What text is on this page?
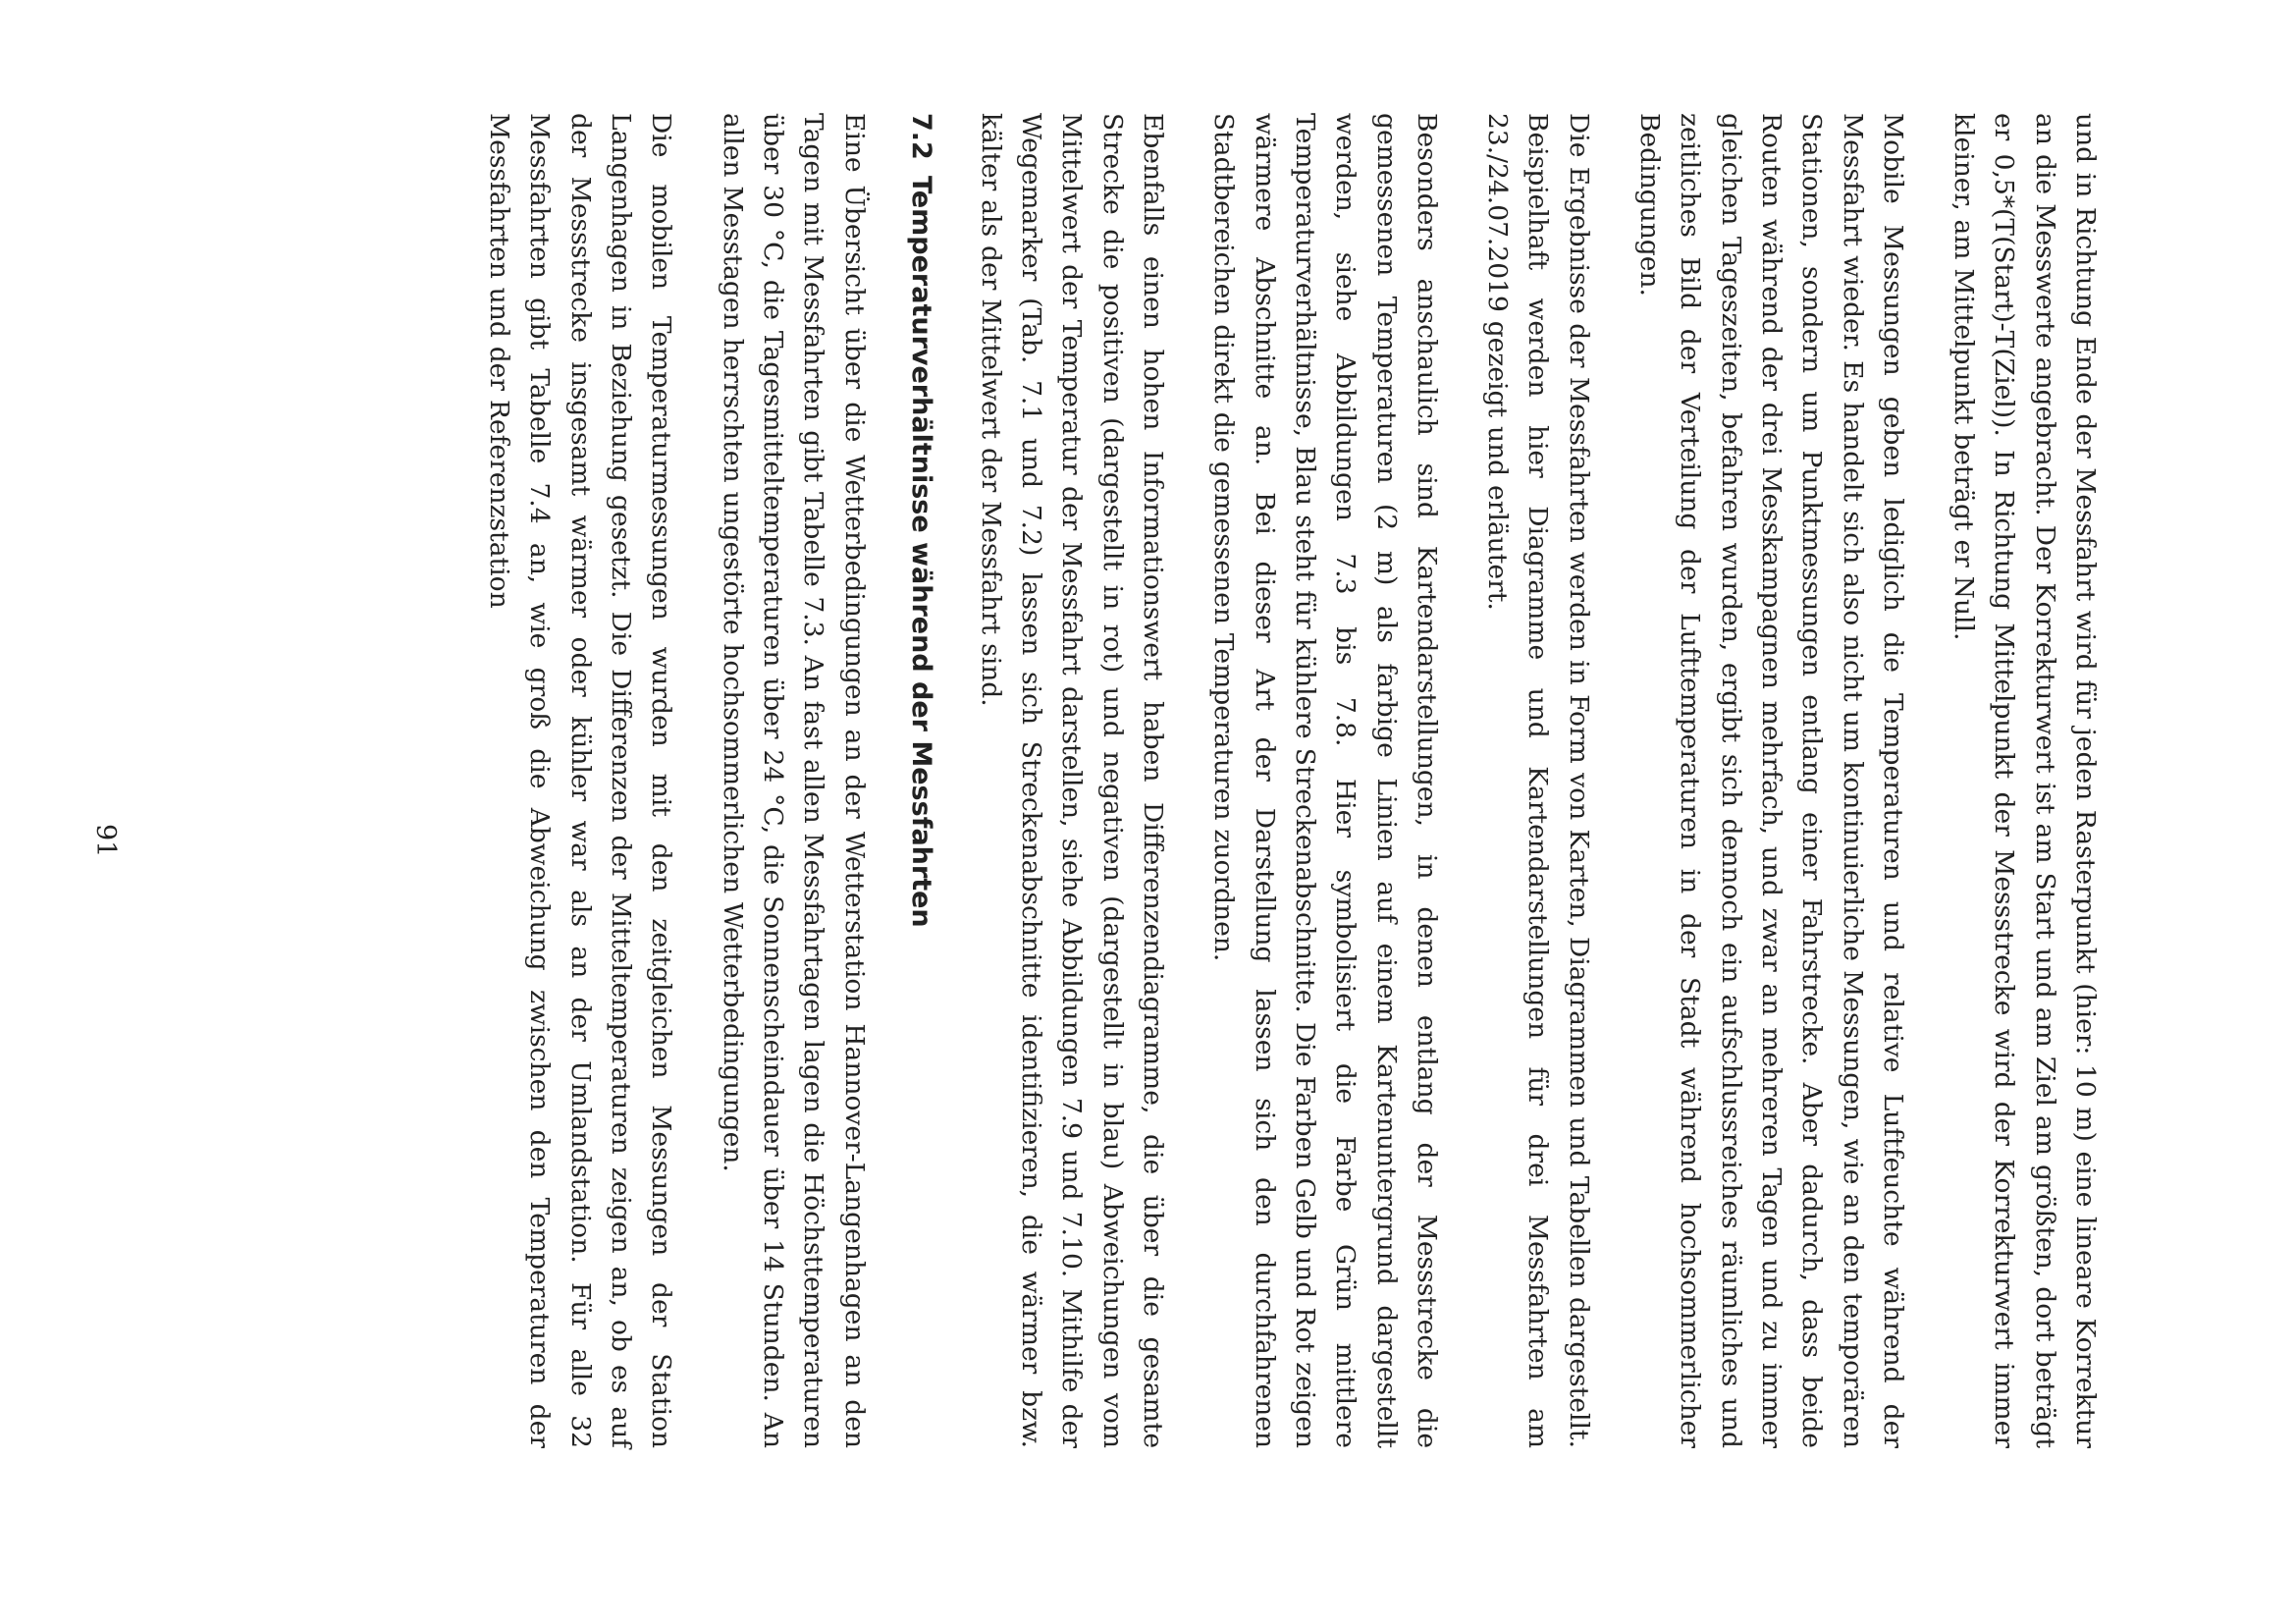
und in Richtung Ende der Messfahrt wird für jeden Rasterpunkt (hier: 10 m) eine lineare Korrektur an die Messwerte angebracht. Der Korrekturwert ist am Start und am Ziel am größten, dort beträgt er 0,5*(T(Start)-T(Ziel)). In Richtung Mittelpunkt der Messstrecke wird der Korrekturwert immer kleiner, am Mittelpunkt beträgt er Null.

Mobile Messungen geben lediglich die Temperaturen und relative Luftfeuchte während der Messfahrt wieder. Es handelt sich also nicht um kontinuierliche Messungen, wie an den temporären Stationen, sondern um Punktmessungen entlang einer Fahrstrecke. Aber dadurch, dass beide Routen während der drei Messkampagnen mehrfach, und zwar an mehreren Tagen und zu immer gleichen Tageszeiten, befahren wurden, ergibt sich dennoch ein aufschlussreiches räumliches und zeitliches Bild der Verteilung der Lufttemperaturen in der Stadt während hochsommerlicher Bedingungen.

Die Ergebnisse der Messfahrten werden in Form von Karten, Diagrammen und Tabellen dargestellt. Beispielhaft werden hier Diagramme und Kartendarstellungen für drei Messfahrten am 23./24.07.2019 gezeigt und erläutert.

Besonders anschaulich sind Kartendarstellungen, in denen entlang der Messstrecke die gemessenen Temperaturen (2 m) als farbige Linien auf einem Kartenuntergrund dargestellt werden, siehe Abbildungen 7.3 bis 7.8. Hier symbolisiert die Farbe Grün mittlere Temperaturverhältnisse, Blau steht für kühlere Streckenabschnitte. Die Farben Gelb und Rot zeigen wärmere Abschnitte an. Bei dieser Art der Darstellung lassen sich den durchfahrenen Stadtbereichen direkt die gemessenen Temperaturen zuordnen.

Ebenfalls einen hohen Informationswert haben Differenzendiagramme, die über die gesamte Strecke die positiven (dargestellt in rot) und negativen (dargestellt in blau) Abweichungen vom Mittelwert der Temperatur der Messfahrt darstellen, siehe Abbildungen 7.9 und 7.10. Mithilfe der Wegemarker (Tab. 7.1 und 7.2) lassen sich Streckenabschnitte identifizieren, die wärmer bzw. kälter als der Mittelwert der Messfahrt sind.

7.2Temperaturverhältnisse während der Messfahrten

Eine Übersicht über die Wetterbedingungen an der Wetterstation Hannover-Langenhagen an den Tagen mit Messfahrten gibt Tabelle 7.3. An fast allen Messfahrtagen lagen die Höchsttemperaturen über 30 °C, die Tagesmitteltemperaturen über 24 °C, die Sonnenscheindauer über 14 Stunden. An allen Messtagen herrschten ungestörte hochsommerlichen Wetterbedingungen.

Die mobilen Temperaturmessungen wurden mit den zeitgleichen Messungen der Station Langenhagen in Beziehung gesetzt. Die Differenzen der Mitteltemperaturen zeigen an, ob es auf der Messstrecke insgesamt wärmer oder kühler war als an der Umlandstation. Für alle 32 Messfahrten gibt Tabelle 7.4 an, wie groß die Abweichung zwischen den Temperaturen der Messfahrten und der Referenzstation

91
